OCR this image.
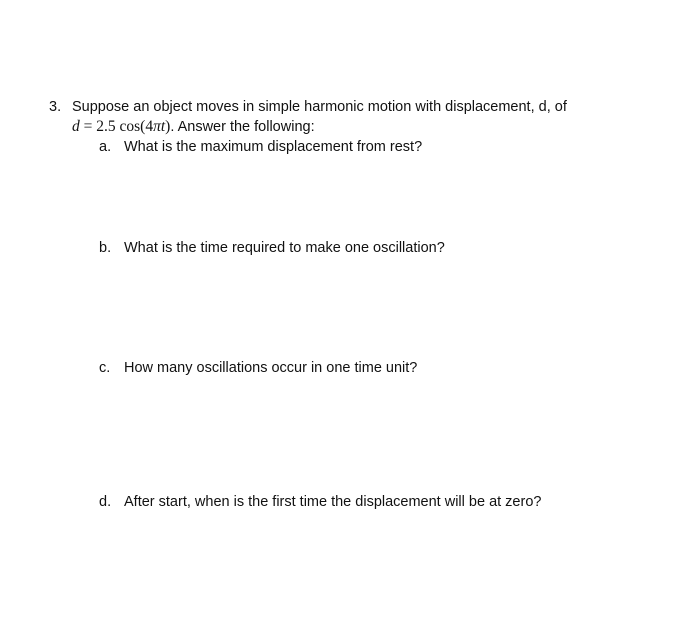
3. Suppose an object moves in simple harmonic motion with displacement, d, of
d = 2.5 cos(4πt). Answer the following:
a. What is the maximum displacement from rest?
b. What is the time required to make one oscillation?
c. How many oscillations occur in one time unit?
d. After start, when is the first time the displacement will be at zero?
